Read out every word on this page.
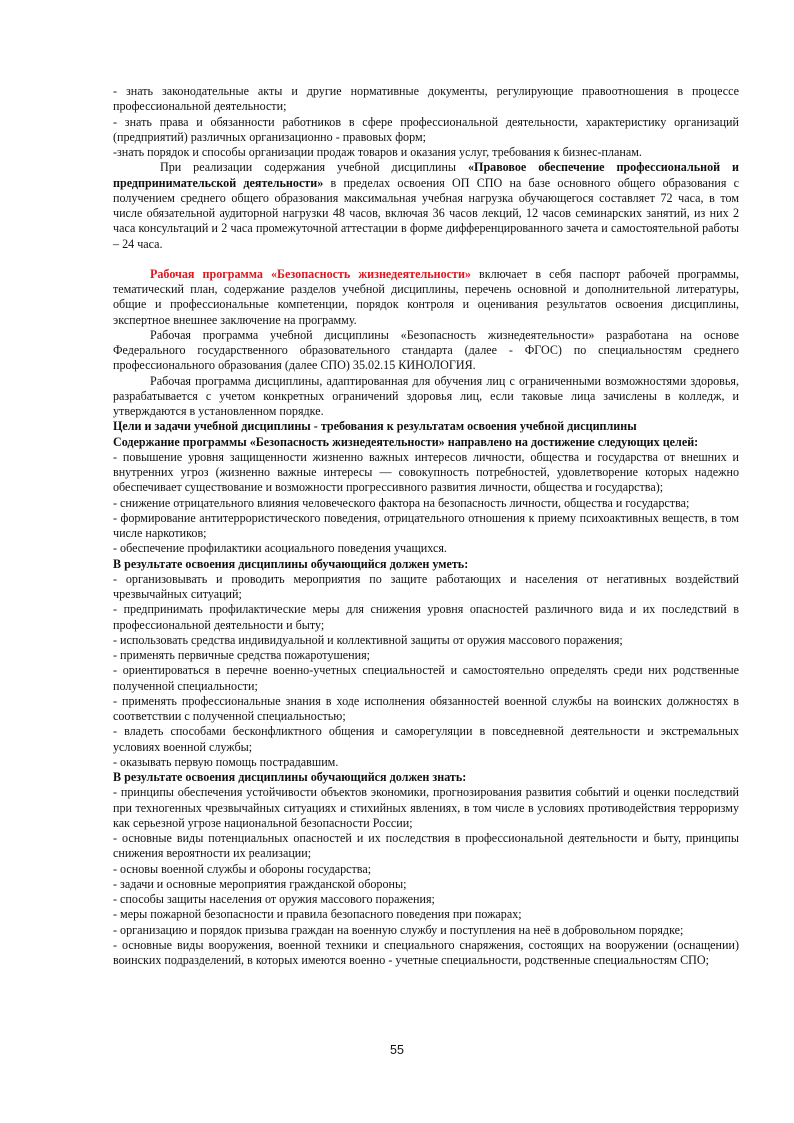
- знать законодательные акты и другие нормативные документы, регулирующие правоотношения в процессе профессиональной деятельности;

- знать права и обязанности работников в сфере профессиональной деятельности, характеристику организаций (предприятий) различных организационно - правовых форм;

-знать порядок и способы организации продаж товаров и оказания услуг, требования к бизнес-планам.

При реализации содержания учебной дисциплины «Правовое обеспечение профессиональной и предпринимательской деятельности» в пределах освоения ОП СПО на базе основного общего образования с получением среднего общего образования максимальная учебная нагрузка обучающегося составляет 72 часа, в том числе обязательной аудиторной нагрузки 48 часов, включая 36 часов лекций, 12 часов семинарских занятий, из них 2 часа консультаций и 2 часа промежуточной аттестации в форме дифференцированного зачета и самостоятельной работы – 24 часа.

Рабочая программа «Безопасность жизнедеятельности» включает в себя паспорт рабочей программы, тематический план, содержание разделов учебной дисциплины, перечень основной и дополнительной литературы, общие и профессиональные компетенции, порядок контроля и оценивания результатов освоения дисциплины, экспертное внешнее заключение на программу.

Рабочая программа учебной дисциплины «Безопасность жизнедеятельности» разработана на основе Федерального государственного образовательного стандарта (далее - ФГОС) по специальностям среднего профессионального образования (далее СПО) 35.02.15 КИНОЛОГИЯ.

Рабочая программа дисциплины, адаптированная для обучения лиц с ограниченными возможностями здоровья, разрабатывается с учетом конкретных ограничений здоровья лиц, если таковые лица зачислены в колледж, и утверждаются в установленном порядке.

Цели и задачи учебной дисциплины - требования к результатам освоения учебной дисциплины

Содержание программы «Безопасность жизнедеятельности» направлено на достижение следующих целей:

- повышение уровня защищенности жизненно важных интересов личности, общества и государства от внешних и внутренних угроз (жизненно важные интересы — совокупность потребностей, удовлетворение которых надежно обеспечивает существование и возможности прогрессивного развития личности, общества и государства);

- снижение отрицательного влияния человеческого фактора на безопасность личности, общества и государства;

- формирование антитеррористического поведения, отрицательного отношения к приему психоактивных веществ, в том числе наркотиков;

- обеспечение профилактики асоциального поведения учащихся.

В результате освоения дисциплины обучающийся должен уметь:

- организовывать и проводить мероприятия по защите работающих и населения от негативных воздействий чрезвычайных ситуаций;

- предпринимать профилактические меры для снижения уровня опасностей различного вида и их последствий в профессиональной деятельности и быту;

- использовать средства индивидуальной и коллективной защиты от оружия массового поражения;

- применять первичные средства пожаротушения;

- ориентироваться в перечне военно-учетных специальностей и самостоятельно определять среди них родственные полученной специальности;

- применять профессиональные знания в ходе исполнения обязанностей военной службы на воинских должностях в соответствии с полученной специальностью;

- владеть способами бесконфликтного общения и саморегуляции в повседневной деятельности и экстремальных условиях военной службы;

- оказывать первую помощь пострадавшим.

В результате освоения дисциплины обучающийся должен знать:

- принципы обеспечения устойчивости объектов экономики, прогнозирования развития событий и оценки последствий при техногенных чрезвычайных ситуациях и стихийных явлениях, в том числе в условиях противодействия терроризму как серьезной угрозе национальной безопасности России;

- основные виды потенциальных опасностей и их последствия в профессиональной деятельности и быту, принципы снижения вероятности их реализации;

- основы военной службы и обороны государства;

- задачи и основные мероприятия гражданской обороны;

- способы защиты населения от оружия массового поражения;

- меры пожарной безопасности и правила безопасного поведения при пожарах;

- организацию и порядок призыва граждан на военную службу и поступления на неё в добровольном порядке;

- основные виды вооружения, военной техники и специального снаряжения, состоящих на вооружении (оснащении) воинских подразделений, в которых имеются военно - учетные специальности, родственные специальностям СПО;

55
